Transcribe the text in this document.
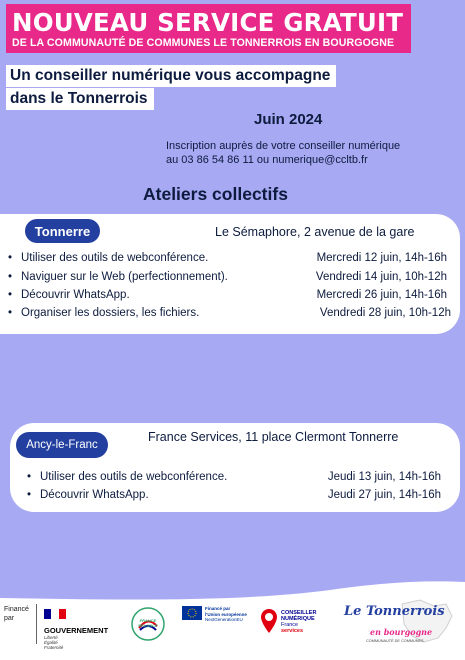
NOUVEAU SERVICE GRATUIT
DE LA COMMUNAUTÉ DE COMMUNES LE TONNERROIS EN BOURGOGNE
Un conseiller numérique vous accompagne
dans le Tonnerrois
Juin 2024
Inscription auprès de votre conseiller numérique
au 03 86 54 86 11 ou numerique@ccltb.fr
Ateliers collectifs
Tonnerre	Le Sémaphore, 2 avenue de la gare
• Utiliser des outils de webconférence.	Mercredi 12 juin, 14h-16h
• Naviguer sur le Web (perfectionnement).	Vendredi 14 juin, 10h-12h
• Découvrir WhatsApp.	Mercredi 26 juin, 14h-16h
• Organiser les dossiers, les fichiers.	Vendredi 28 juin, 10h-12h
Ancy-le-Franc
France Services, 11 place Clermont Tonnerre
• Utiliser des outils de webconférence.	Jeudi 13 juin, 14h-16h
• Découvrir WhatsApp.	Jeudi 27 juin, 14h-16h
Financé
par
GOUVERNEMENT
Liberté
Égalité
Fraternité
FRANCE RELANCE
Financé par
l'Union européenne
NextGenerationEU
CONSEILLER
NUMÉRIQUE
France
services
Le Tonnerrois
en bourgogne
COMMUNAUTÉ DE COMMUNES
